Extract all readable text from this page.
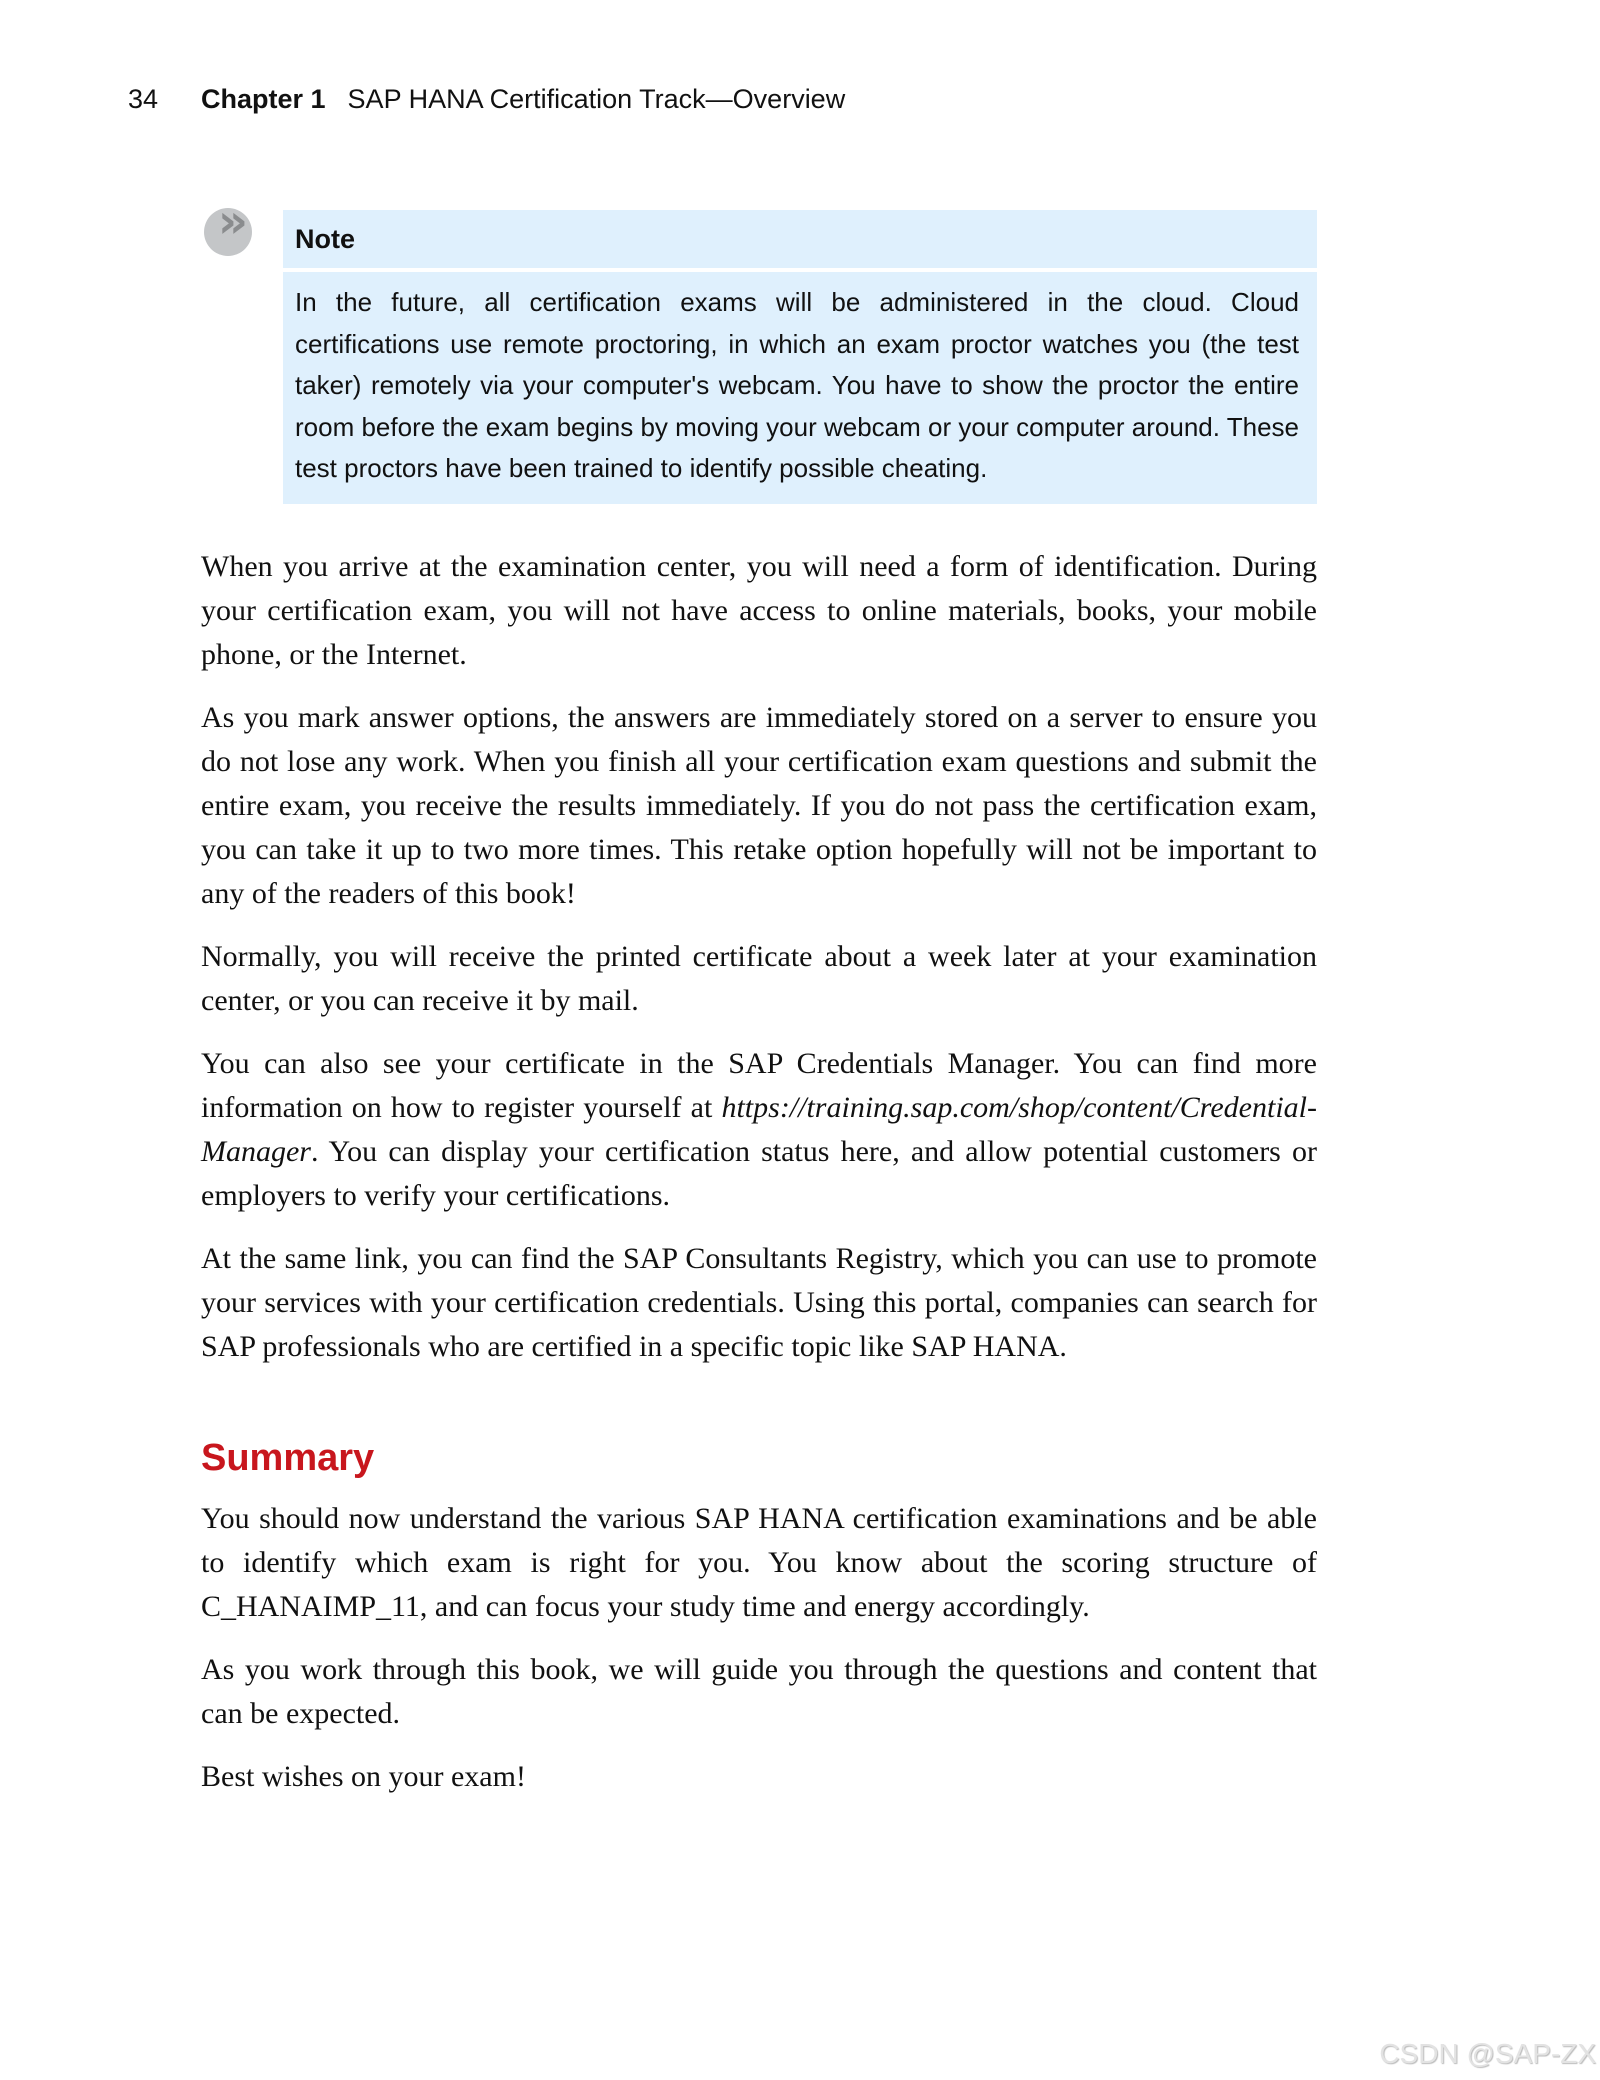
34 Chapter 1 SAP HANA Certification Track—Overview
››	Note
In the future, all certification exams will be administered in the cloud. Cloud certifications use remote proctoring, in which an exam proctor watches you (the test taker) remotely via your computer's webcam. You have to show the proctor the entire room before the exam begins by moving your webcam or your computer around. These test proctors have been trained to identify possible cheating.

When you arrive at the examination center, you will need a form of identification. During your certification exam, you will not have access to online materials, books, your mobile phone, or the Internet.

As you mark answer options, the answers are immediately stored on a server to ensure you do not lose any work. When you finish all your certification exam questions and submit the entire exam, you receive the results immediately. If you do not pass the certification exam, you can take it up to two more times. This retake option hopefully will not be important to any of the readers of this book!

Normally, you will receive the printed certificate about a week later at your examination center, or you can receive it by mail.

You can also see your certificate in the SAP Credentials Manager. You can find more information on how to register yourself at https://training.sap.com/shop/content/Credential-Manager. You can display your certification status here, and allow potential customers or employers to verify your certifications.

At the same link, you can find the SAP Consultants Registry, which you can use to promote your services with your certification credentials. Using this portal, companies can search for SAP professionals who are certified in a specific topic like SAP HANA.

Summary

You should now understand the various SAP HANA certification examinations and be able to identify which exam is right for you. You know about the scoring structure of C_HANAIMP_11, and can focus your study time and energy accordingly.

As you work through this book, we will guide you through the questions and content that can be expected.

Best wishes on your exam!

CSDN @SAP-ZX
